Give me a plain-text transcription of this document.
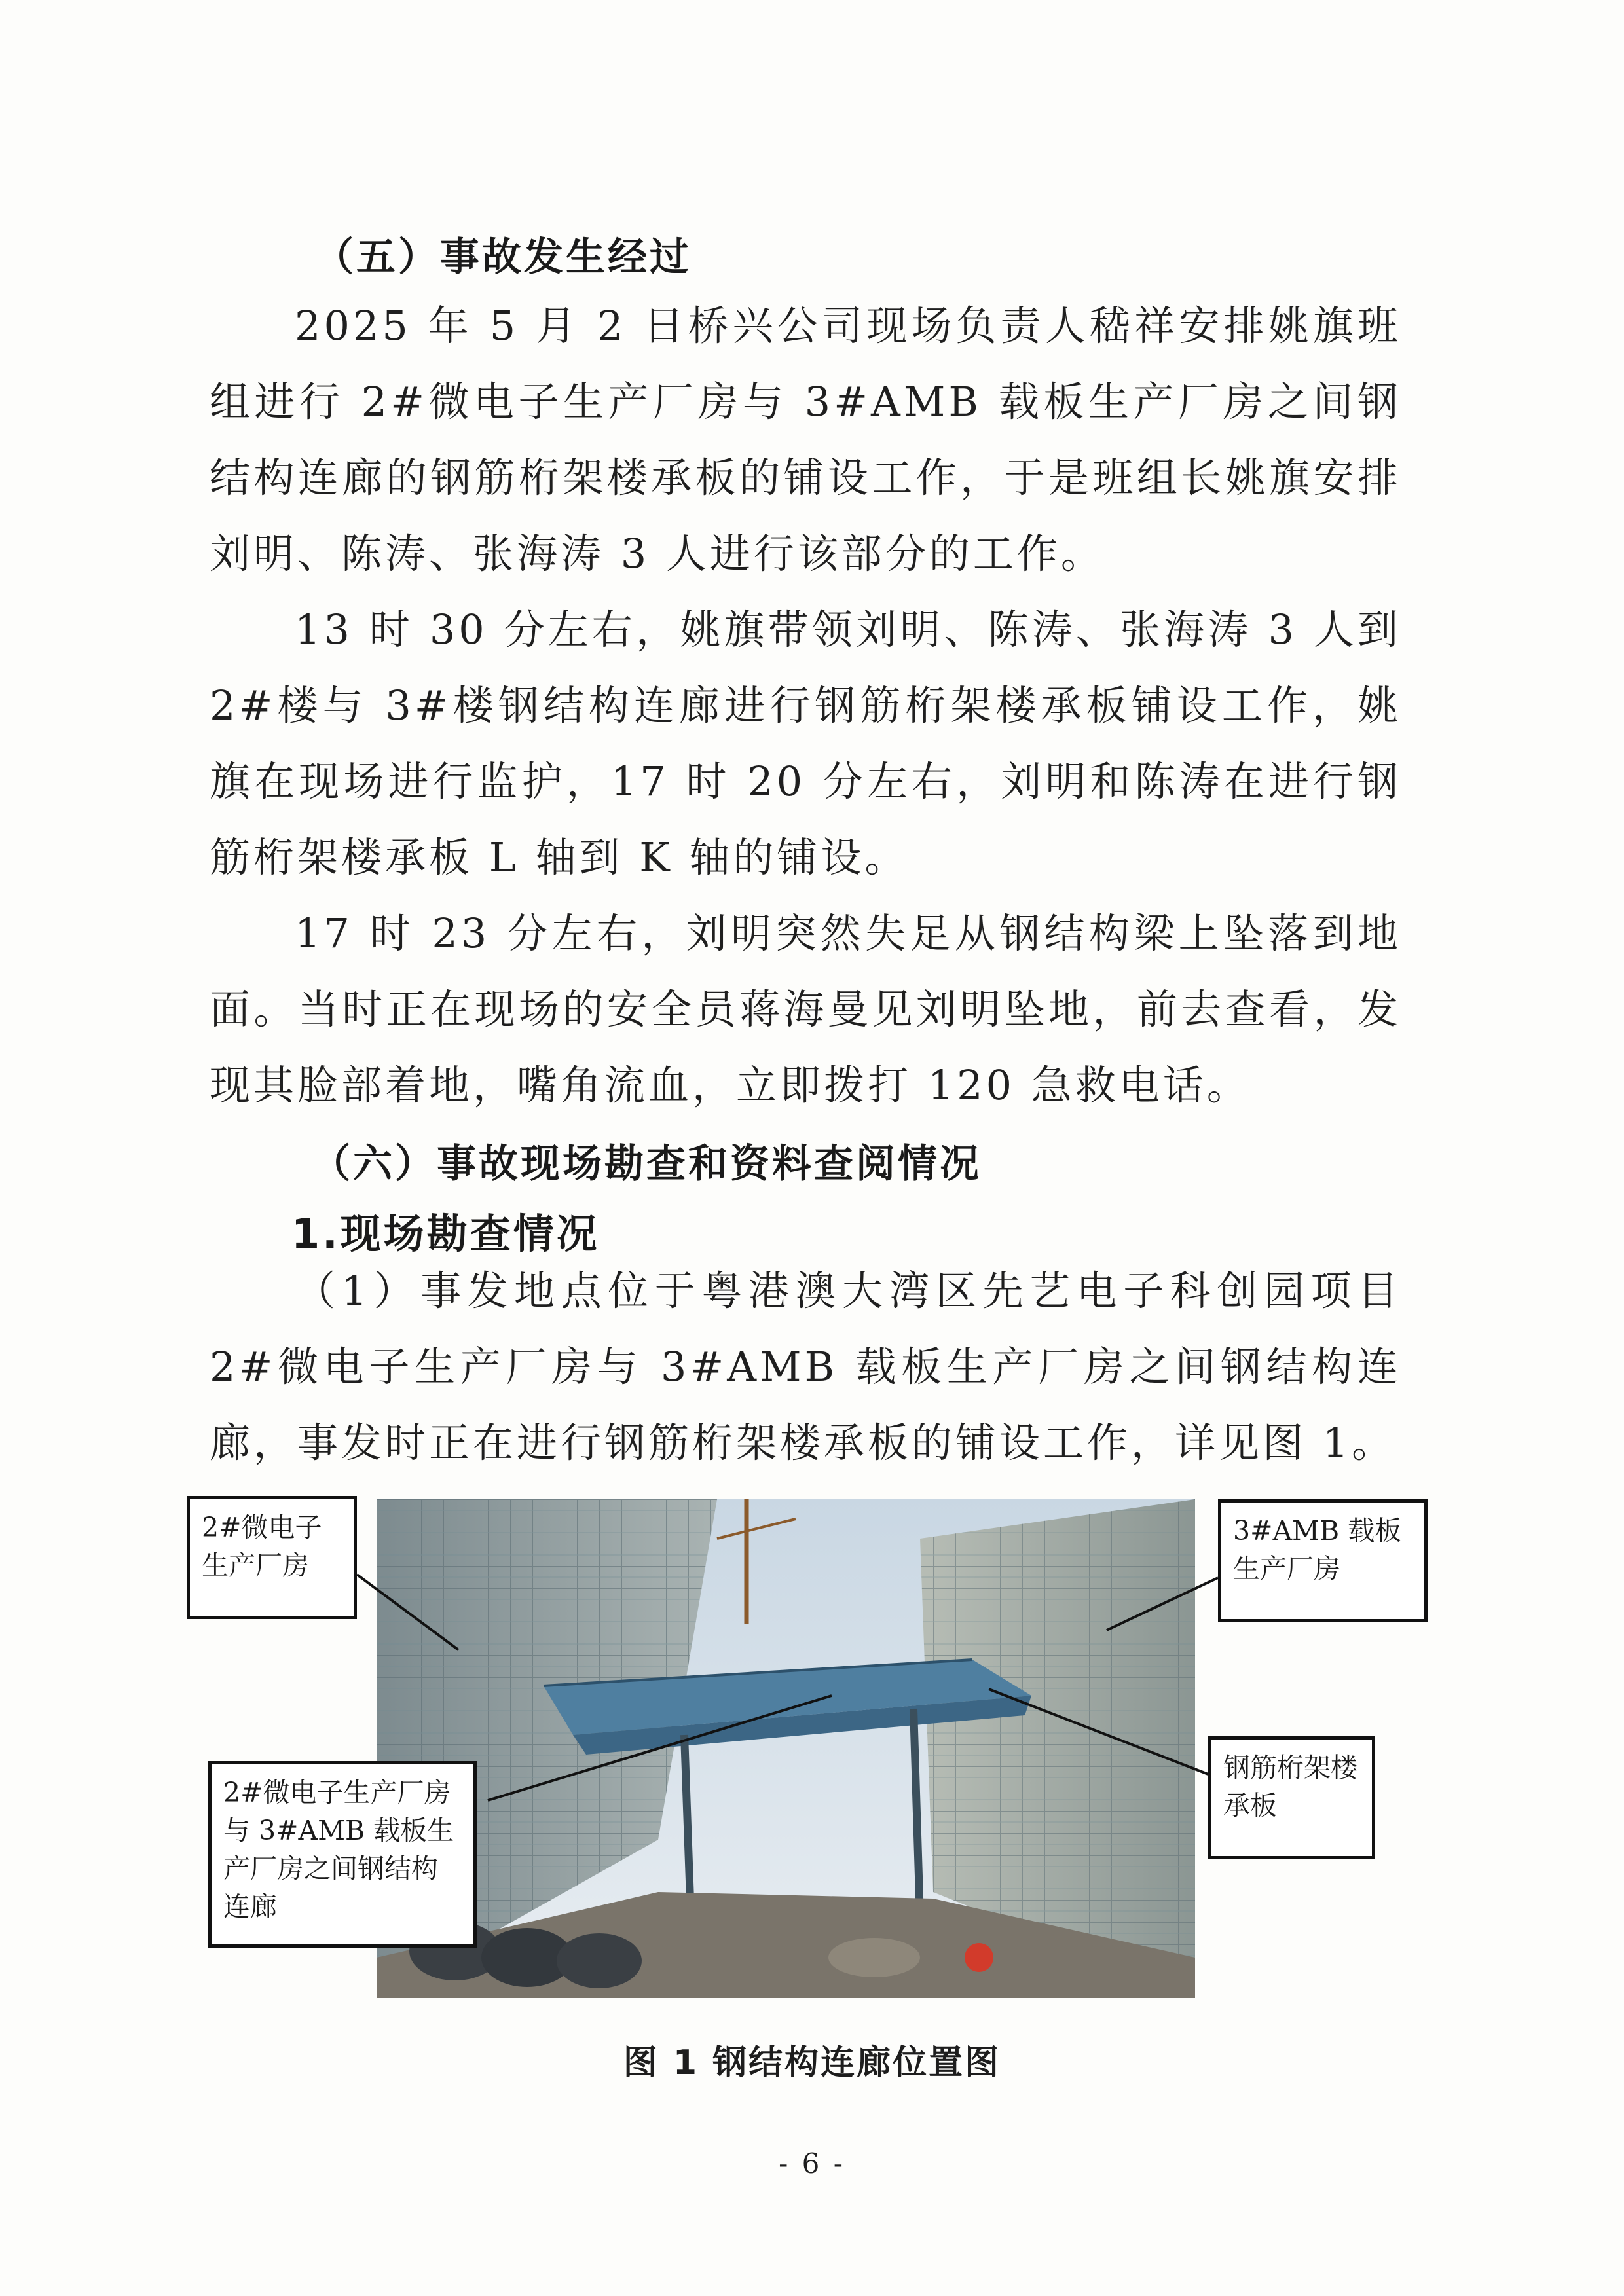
（五）事故发生经过

2025 年 5 月 2 日桥兴公司现场负责人嵇祥安排姚旗班组进行 2#微电子生产厂房与 3#AMB 载板生产厂房之间钢结构连廊的钢筋桁架楼承板的铺设工作，于是班组长姚旗安排刘明、陈涛、张海涛 3 人进行该部分的工作。

13 时 30 分左右，姚旗带领刘明、陈涛、张海涛 3 人到 2#楼与 3#楼钢结构连廊进行钢筋桁架楼承板铺设工作，姚旗在现场进行监护，17 时 20 分左右，刘明和陈涛在进行钢筋桁架楼承板 L 轴到 K 轴的铺设。

17 时 23 分左右，刘明突然失足从钢结构梁上坠落到地面。当时正在现场的安全员蒋海曼见刘明坠地，前去查看，发现其脸部着地，嘴角流血，立即拨打 120 急救电话。

（六）事故现场勘查和资料查阅情况
1.现场勘查情况

（1）事发地点位于粤港澳大湾区先艺电子科创园项目 2#微电子生产厂房与 3#AMB 载板生产厂房之间钢结构连廊，事发时正在进行钢筋桁架楼承板的铺设工作，详见图 1。

2#微电子生产厂房
3#AMB 载板生产厂房
钢筋桁架楼承板
2#微电子生产厂房与 3#AMB 载板生产厂房之间钢结构连廊
图 1 钢结构连廊位置图
- 6 -
